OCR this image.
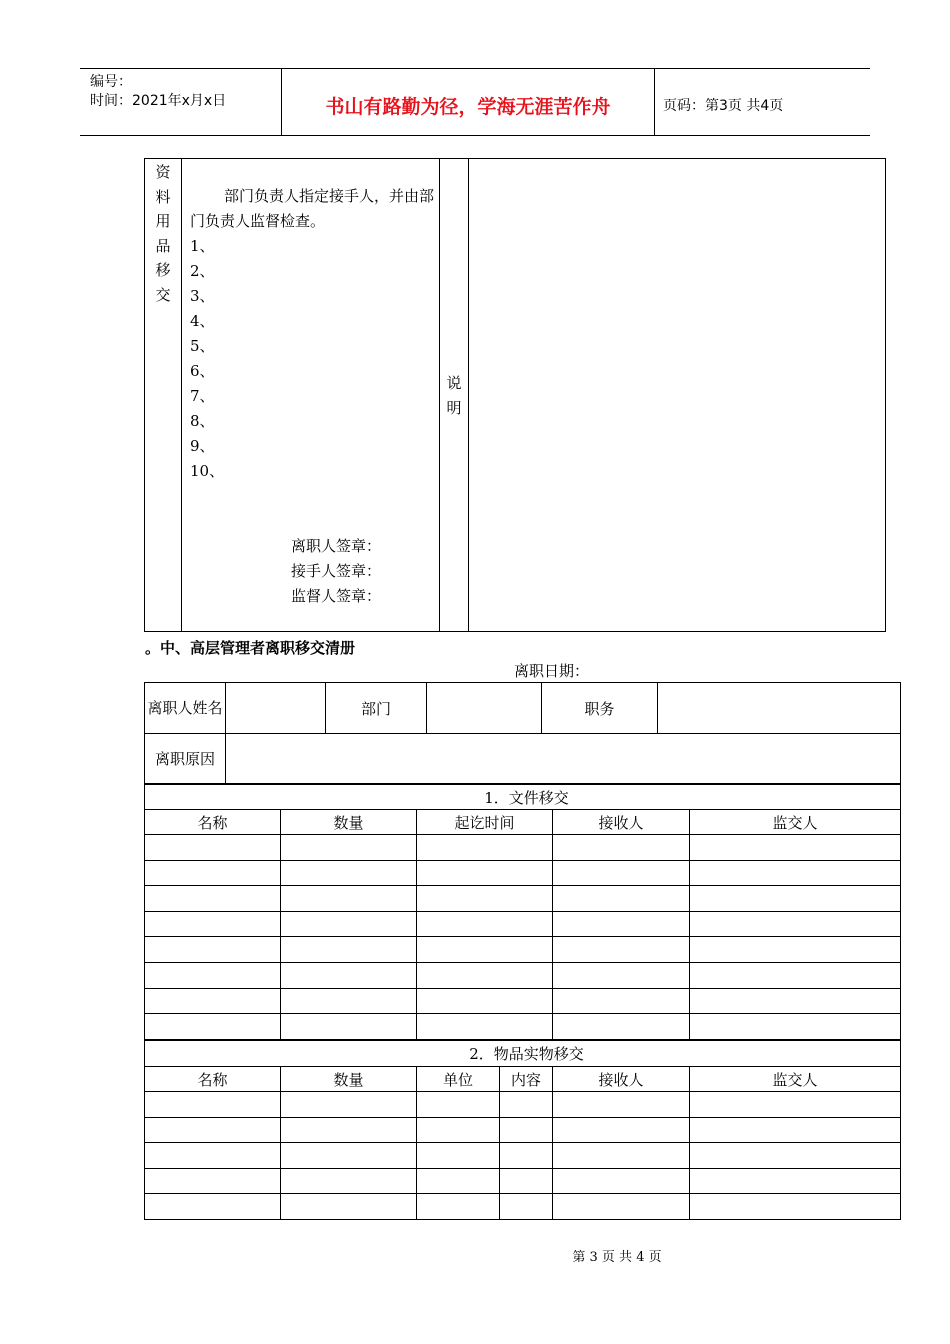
编号：
时间：2021年x月x日	书山有路勤为径，学海无涯苦作舟	页码：第3页 共4页
资
料
用
品
移
交
部门负责人指定接手人，并由部门负责人监督检查。
1、
2、
3、
4、
5、
6、
7、
8、
9、
10、
离职人签章：
接手人签章：
监督人签章：
说
明
。中、高层管理者离职移交清册
离职日期：
离职人姓名		部门		职务	
离职原因					
1．文件移交				
名称	数量	起讫时间	接收人	监交人

2．物品实物移交					
名称	数量	单位	内容	接收人	监交人

第 3 页 共 4 页
